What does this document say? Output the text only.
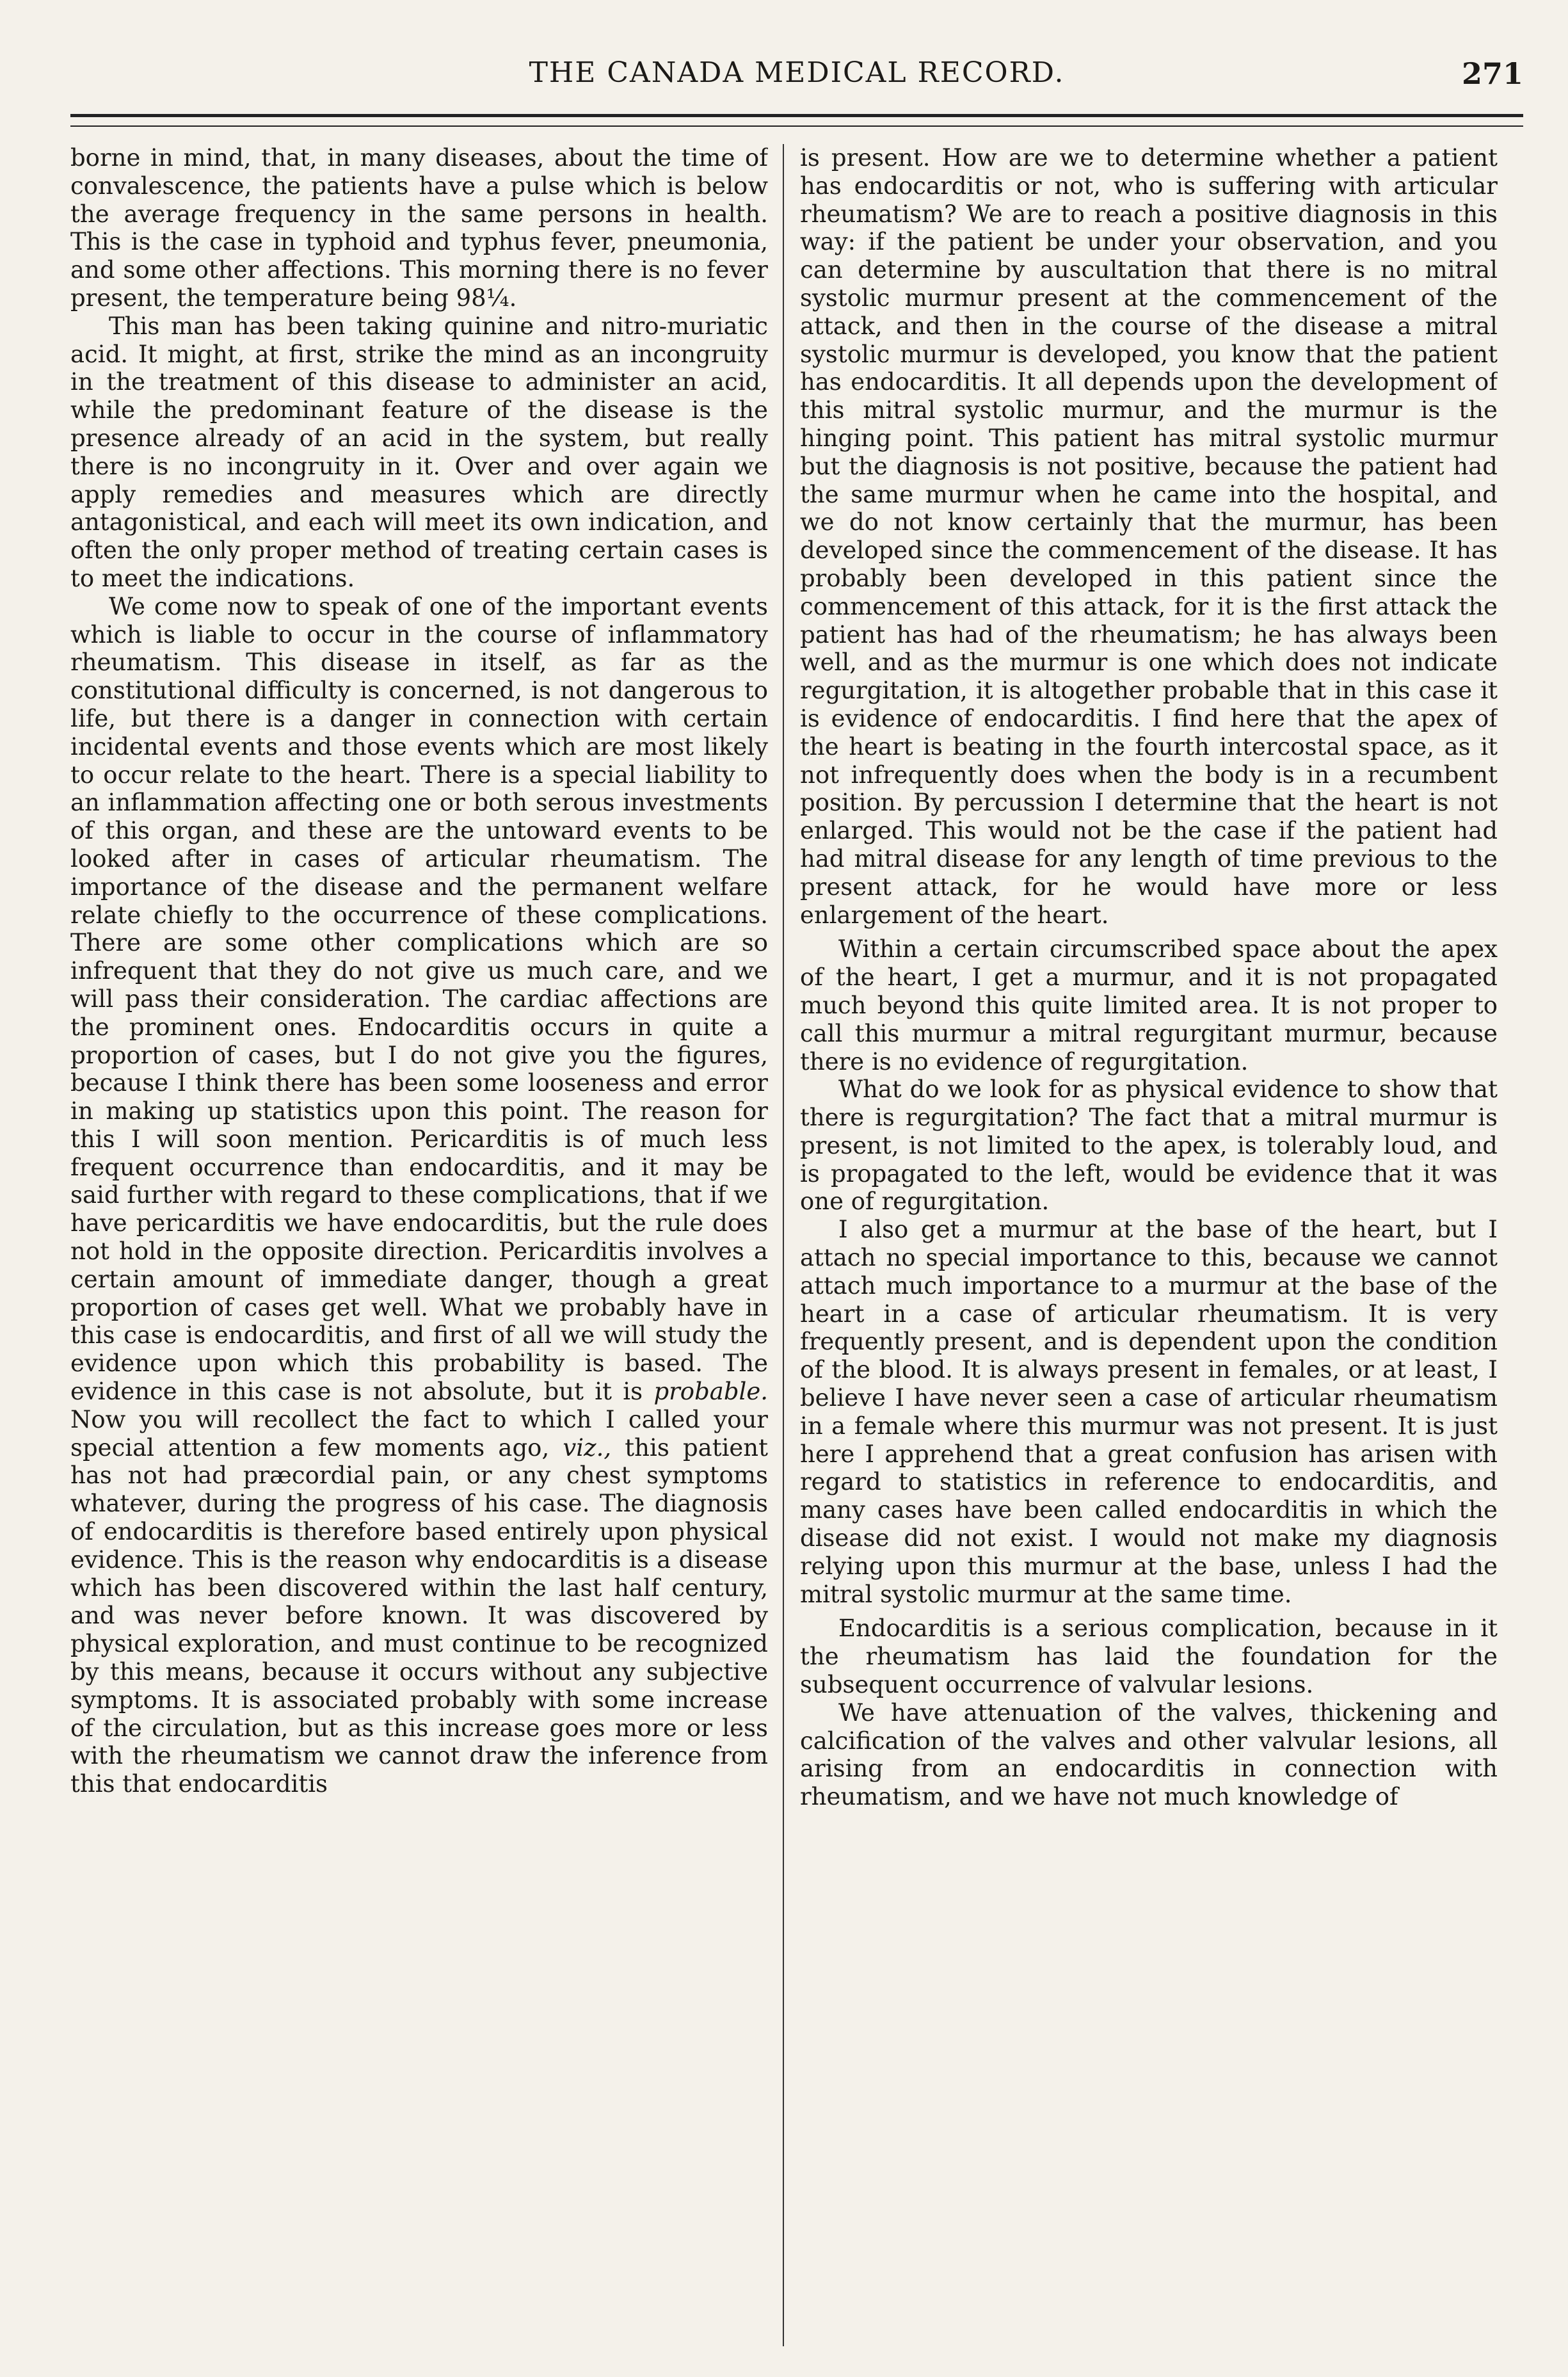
THE CANADA MEDICAL RECORD.	271

borne in mind, that, in many diseases, about the time of convalescence, the patients have a pulse which is below the average frequency in the same persons in health. This is the case in typhoid and typhus fever, pneumonia, and some other affections. This morning there is no fever present, the temperature being 98¼.

This man has been taking quinine and nitro-muriatic acid. It might, at first, strike the mind as an incongruity in the treatment of this disease to administer an acid, while the predominant feature of the disease is the presence already of an acid in the system, but really there is no incongruity in it. Over and over again we apply remedies and measures which are directly antagonistical, and each will meet its own indication, and often the only proper method of treating certain cases is to meet the indications.

We come now to speak of one of the important events which is liable to occur in the course of inflammatory rheumatism. This disease in itself, as far as the constitutional difficulty is concerned, is not dangerous to life, but there is a danger in connection with certain incidental events and those events which are most likely to occur relate to the heart. There is a special liability to an inflammation affecting one or both serous investments of this organ, and these are the untoward events to be looked after in cases of articular rheumatism. The importance of the disease and the permanent welfare relate chiefly to the occurrence of these complications. There are some other complications which are so infrequent that they do not give us much care, and we will pass their consideration. The cardiac affections are the prominent ones. Endocarditis occurs in quite a proportion of cases, but I do not give you the figures, because I think there has been some looseness and error in making up statistics upon this point. The reason for this I will soon mention. Pericarditis is of much less frequent occurrence than endocarditis, and it may be said further with regard to these complications, that if we have pericarditis we have endocarditis, but the rule does not hold in the opposite direction. Pericarditis involves a certain amount of immediate danger, though a great proportion of cases get well. What we probably have in this case is endocarditis, and first of all we will study the evidence upon which this probability is based. The evidence in this case is not absolute, but it is probable. Now you will recollect the fact to which I called your special attention a few moments ago, viz., this patient has not had præcordial pain, or any chest symptoms whatever, during the progress of his case. The diagnosis of endocarditis is therefore based entirely upon physical evidence. This is the reason why endocarditis is a disease which has been discovered within the last half century, and was never before known. It was discovered by physical exploration, and must continue to be recognized by this means, because it occurs without any subjective symptoms. It is associated probably with some increase of the circulation, but as this increase goes more or less with the rheumatism we cannot draw the inference from this that endocarditis

is present. How are we to determine whether a patient has endocarditis or not, who is suffering with articular rheumatism? We are to reach a positive diagnosis in this way: if the patient be under your observation, and you can determine by auscultation that there is no mitral systolic murmur present at the commencement of the attack, and then in the course of the disease a mitral systolic murmur is developed, you know that the patient has endocarditis. It all depends upon the development of this mitral systolic murmur, and the murmur is the hinging point. This patient has mitral systolic murmur but the diagnosis is not positive, because the patient had the same murmur when he came into the hospital, and we do not know certainly that the murmur, has been developed since the commencement of the disease. It has probably been developed in this patient since the commencement of this attack, for it is the first attack the patient has had of the rheumatism; he has always been well, and as the murmur is one which does not indicate regurgitation, it is altogether probable that in this case it is evidence of endocarditis. I find here that the apex of the heart is beating in the fourth intercostal space, as it not infrequently does when the body is in a recumbent position. By percussion I determine that the heart is not enlarged. This would not be the case if the patient had had mitral disease for any length of time previous to the present attack, for he would have more or less enlargement of the heart.

Within a certain circumscribed space about the apex of the heart, I get a murmur, and it is not propagated much beyond this quite limited area. It is not proper to call this murmur a mitral regurgitant murmur, because there is no evidence of regurgitation.

What do we look for as physical evidence to show that there is regurgitation? The fact that a mitral murmur is present, is not limited to the apex, is tolerably loud, and is propagated to the left, would be evidence that it was one of regurgitation.

I also get a murmur at the base of the heart, but I attach no special importance to this, because we cannot attach much importance to a murmur at the base of the heart in a case of articular rheumatism. It is very frequently present, and is dependent upon the condition of the blood. It is always present in females, or at least, I believe I have never seen a case of articular rheumatism in a female where this murmur was not present. It is just here I apprehend that a great confusion has arisen with regard to statistics in reference to endocarditis, and many cases have been called endocarditis in which the disease did not exist. I would not make my diagnosis relying upon this murmur at the base, unless I had the mitral systolic murmur at the same time.

Endocarditis is a serious complication, because in it the rheumatism has laid the foundation for the subsequent occurrence of valvular lesions.

We have attenuation of the valves, thickening and calcification of the valves and other valvular lesions, all arising from an endocarditis in connection with rheumatism, and we have not much knowledge of
